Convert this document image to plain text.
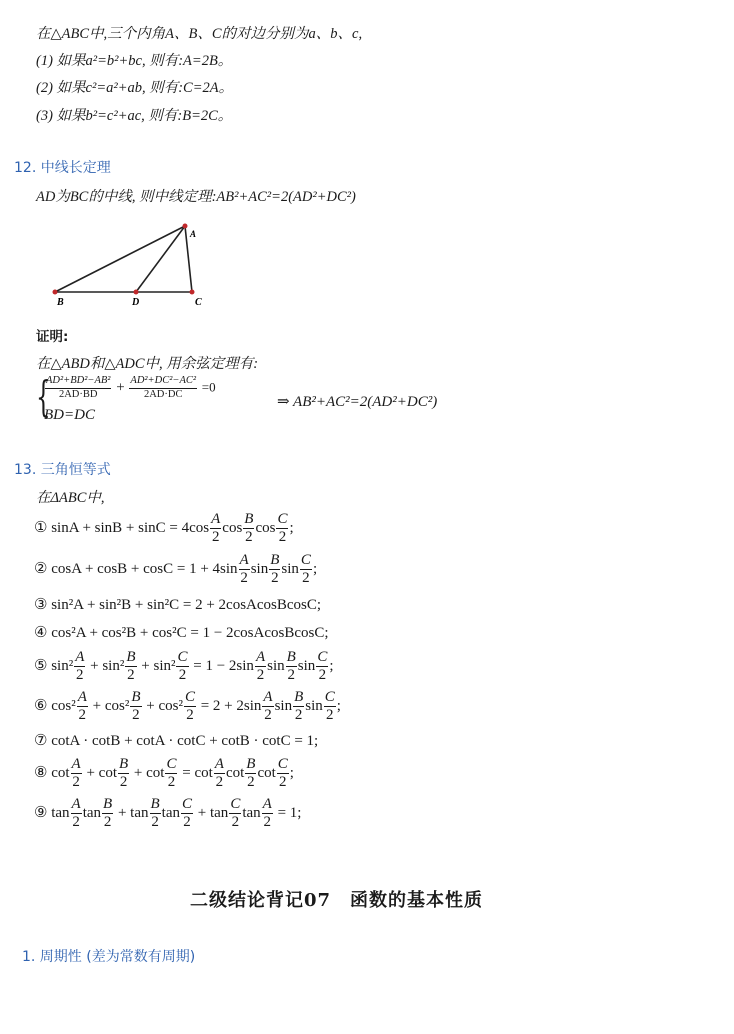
在△ABC中,三个内角A、B、C的对边分别为a、b、c,
(1) 如果a²=b²+bc, 则有:A=2B。
(2) 如果c²=a²+ab, 则有:C=2A。
(3) 如果b²=c²+ac, 则有:B=2C。
12. 中线长定理
AD为BC的中线, 则中线定理:AB²+AC²=2(AD²+DC²)
A
B	D	C
证明:
在△ABD和△ADC中, 用余弦定理有:
{
$\frac{\text{AD²+BD²−AB²}}{2AD\cdot BD} + \frac{\text{AD²+DC²−AC²}}{2AD\cdot DC} =0$
BD=DC
⇒ AB²+AC²=2(AD²+DC²)
13. 三角恒等式
在ΔABC中,
① $\sin A + \sin B + \sin C = 4\cos \frac{A}{2}$ $\cos \frac{B}{2}$ $\cos \frac{C}{2}$ ;
② $\cos A + \cos B + \cos C = 1 + 4\sin \frac{A}{2}$ $\sin \frac{B}{2}$ $\sin \frac{C}{2}$ ;
③ sin²A + sin²B + sin²C = 2 + 2cosAcosBcosC;
④ cos²A + cos²B + cos²C = 1 − 2cosAcosBcosC;
⑤ $\sin^2 \frac{A}{2} + \sin^2 \frac{B}{2} + \sin^2 \frac{C}{2} = 1 - 2\sin \frac{A}{2}$ $\sin \frac{B}{2}$ $\sin \frac{C}{2}$ ;
⑥ $\cos^2 \frac{A}{2} + \cos^2 \frac{B}{2} + \cos^2 \frac{C}{2} = 2 + 2\sin \frac{A}{2}$ $\sin \frac{B}{2}$ $\sin \frac{C}{2}$ ;
⑦ cotA · cotB + cotA · cotC + cotB · cotC = 1;
⑧ $\cot \frac{A}{2} + \cot \frac{B}{2} + \cot \frac{C}{2} = \cot \frac{A}{2}$ $\cot \frac{B}{2}$ $\cot \frac{C}{2}$ ;
⑨ $\tan \frac{A}{2}$ $\tan \frac{B}{2} + \tan \frac{B}{2}$ $\tan \frac{C}{2} + \tan \frac{C}{2}$ $\tan \frac{A}{2} = 1$;
二级结论背记07　函数的基本性质
1. 周期性 (差为常数有周期)
